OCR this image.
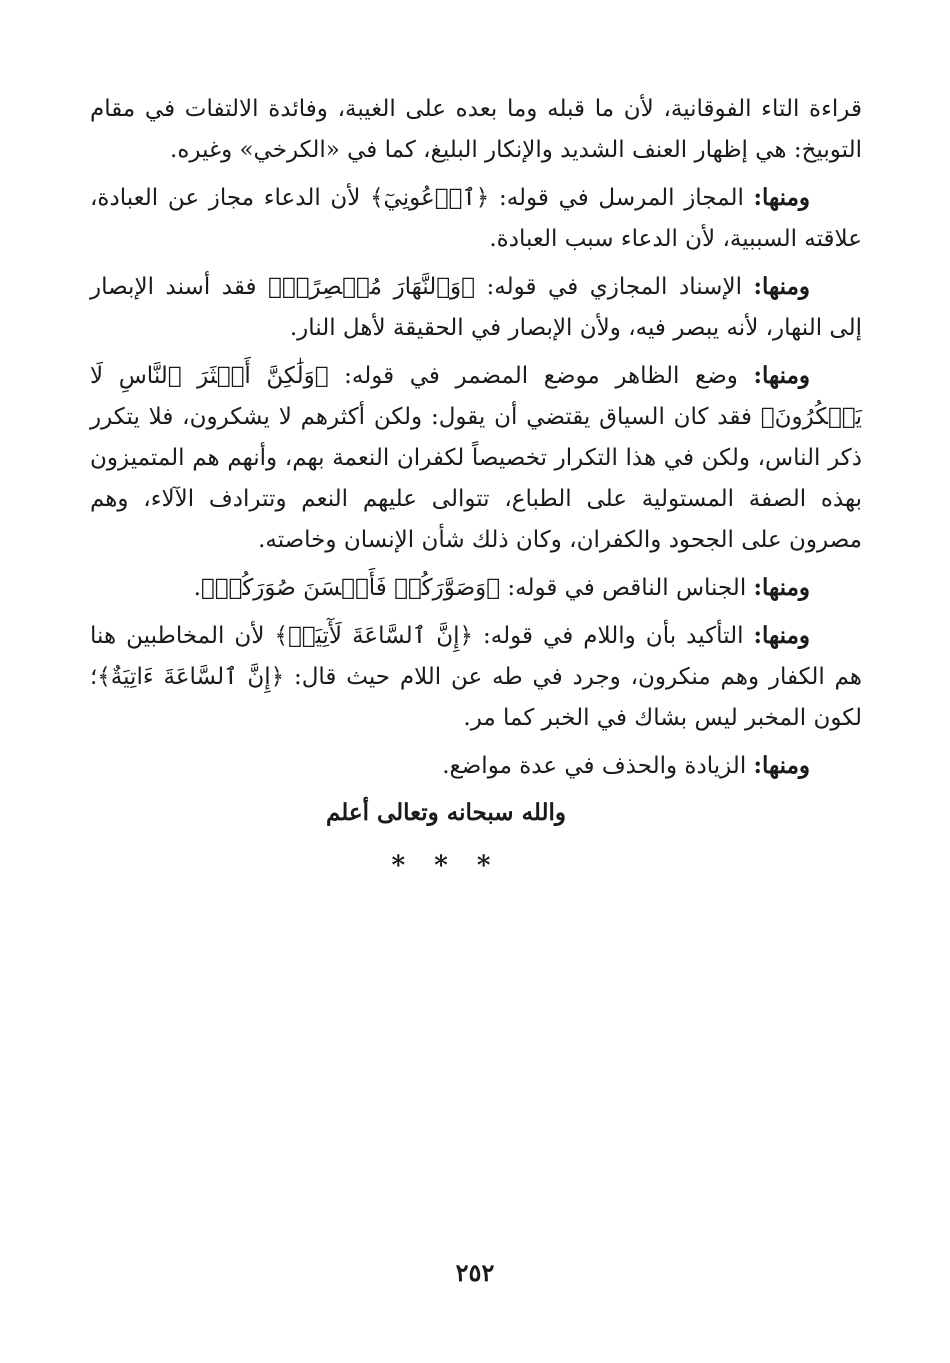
قراءة التاء الفوقانية، لأن ما قبله وما بعده على الغيبة، وفائدة الالتفات في مقام التوبيخ: هي إظهار العنف الشديد والإنكار البليغ، كما في «الكرخي» وغيره.

ومنها: المجاز المرسل في قوله: ﴿ٱدۡعُونِيٓ﴾ لأن الدعاء مجاز عن العبادة، علاقته السببية، لأن الدعاء سبب العبادة.

ومنها: الإسناد المجازي في قوله: ﴿وَٱلنَّهَارَ مُبۡصِرًاۚ﴾ فقد أسند الإبصار إلى النهار، لأنه يبصر فيه، ولأن الإبصار في الحقيقة لأهل النار.

ومنها: وضع الظاهر موضع المضمر في قوله: ﴿وَلَٰكِنَّ أَكۡثَرَ ٱلنَّاسِ لَا يَشۡكُرُونَ﴾ فقد كان السياق يقتضي أن يقول: ولكن أكثرهم لا يشكرون، فلا يتكرر ذكر الناس، ولكن في هذا التكرار تخصيصاً لكفران النعمة بهم، وأنهم هم المتميزون بهذه الصفة المستولية على الطباع، تتوالى عليهم النعم وتترادف الآلاء، وهم مصرون على الجحود والكفران، وكان ذلك شأن الإنسان وخاصته.

ومنها: الجناس الناقص في قوله: ﴿وَصَوَّرَكُمۡ فَأَحۡسَنَ صُوَرَكُمۡ﴾.

ومنها: التأكيد بأن واللام في قوله: ﴿إِنَّ ٱلسَّاعَةَ لَأٓتِيَةٞ﴾ لأن المخاطبين هنا هم الكفار وهم منكرون، وجرد في طه عن اللام حيث قال: ﴿إِنَّ ٱلسَّاعَةَ ءَاتِيَةٌ﴾؛ لكون المخبر ليس بشاك في الخبر كما مر.

ومنها: الزيادة والحذف في عدة مواضع.

والله سبحانه وتعالى أعلم
* * *
٢٥٢
